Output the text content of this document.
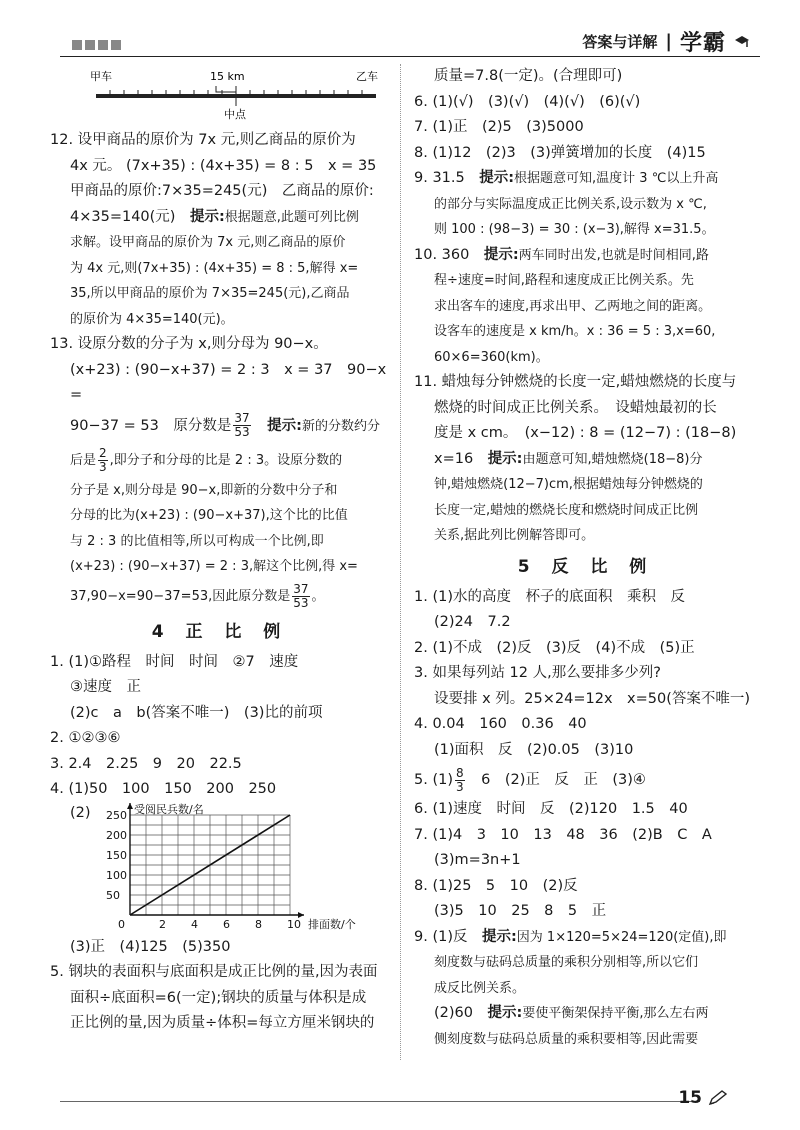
答案与详解 | 学霸
甲车	乙车
15 km
中点

12. 设甲商品的原价为 7x 元,则乙商品的原价为

4x 元。 (7x+35) : (4x+35) = 8 : 5　x = 35

甲商品的原价:7×35=245(元)　乙商品的原价:

4×35=140(元)　提示:根据题意,此题可列比例

求解。设甲商品的原价为 7x 元,则乙商品的原价

为 4x 元,则(7x+35) : (4x+35) = 8 : 5,解得 x=

35,所以甲商品的原价为 7×35=245(元),乙商品

的原价为 4×35=140(元)。

13. 设原分数的分子为 x,则分母为 90−x。

(x+23) : (90−x+37) = 2 : 3　x = 37　90−x =

90−37 = 53　原分数是 $\frac{37}{53}$
　 提示:新的分数约分

后是 $\frac{2}{3}$ ,即分子和分母的比是 2 : 3。设原分数的

分子是 x,则分母是 90−x,即新的分数中分子和

分母的比为(x+23) : (90−x+37),这个比的比值

与 2 : 3 的比值相等,所以可构成一个比例,即

(x+23) : (90−x+37) = 2 : 3,解这个比例,得 x=

37,90−x=90−37=53,因此原分数是 $\frac{37}{53}$ 。

4 正 比 例

1. (1)①路程　时间　时间　②7　速度

③速度　正

(2)c　a　b(答案不唯一)　(3)比的前项

2. ①②③⑥

3. 2.4　2.25　9　20　22.5

4. (1)50　100　150　200　250

(2)

0	2 4 6 8 10
50
100
150
200
250 受阅民兵数/名
排面数/个

(3)正　(4)125　(5)350

5. 钢块的表面积与底面积是成正比例的量,因为表面

面积÷底面积=6(一定);钢块的质量与体积是成

正比例的量,因为质量÷体积=每立方厘米钢块的

质量=7.8(一定)。(合理即可)

6. (1)(√)　(3)(√)　(4)(√)　(6)(√)

7. (1)正　(2)5　(3)5000

8. (1)12　(2)3　(3)弹簧增加的长度　(4)15

9. 31.5　提示:根据题意可知,温度计 3 ℃以上升高

的部分与实际温度成正比例关系,设示数为 x ℃,

则 100 : (98−3) = 30 : (x−3),解得 x=31.5。

10. 360　提示:两车同时出发,也就是时间相同,路

程÷速度=时间,路程和速度成正比例关系。先

求出客车的速度,再求出甲、乙两地之间的距离。

设客车的速度是 x km/h。x : 36 = 5 : 3,x=60,

60×6=360(km)。

11. 蜡烛每分钟燃烧的长度一定,蜡烛燃烧的长度与

燃烧的时间成正比例关系。　设蜡烛最初的长

度是 x cm。　(x−12) : 8 = (12−7) : (18−8)

x=16　提示:由题意可知,蜡烛燃烧(18−8)分

钟,蜡烛燃烧(12−7)cm,根据蜡烛每分钟燃烧的

长度一定,蜡烛的燃烧长度和燃烧时间成正比例

关系,据此列比例解答即可。

5 反 比 例

1. (1)水的高度　杯子的底面积　乘积　反

(2)24　7.2

2. (1)不成　(2)反　(3)反　(4)不成　(5)正

3. 如果每列站 12 人,那么要排多少列?

设要排 x 列。25×24=12x　x=50(答案不唯一)

4. 0.04　160　0.36　40

(1)面积　反　(2)0.05　(3)10

5. $(1) \frac{8}{3}$ 　6　(2)正　反　正　(3)④

6. (1)速度　时间　反　(2)120　1.5　40

7. (1)4　3　10　13　48　36　(2)B　C　A

(3)m=3n+1

8. (1)25　5　10　(2)反

(3)5　10　25　8　5　正

9. (1)反　提示:因为 1×120=5×24=120(定值),即

刻度数与砝码总质量的乘积分别相等,所以它们

成反比例关系。

(2)60　提示:要使平衡架保持平衡,那么左右两

侧刻度数与砝码总质量的乘积要相等,因此需要

15
